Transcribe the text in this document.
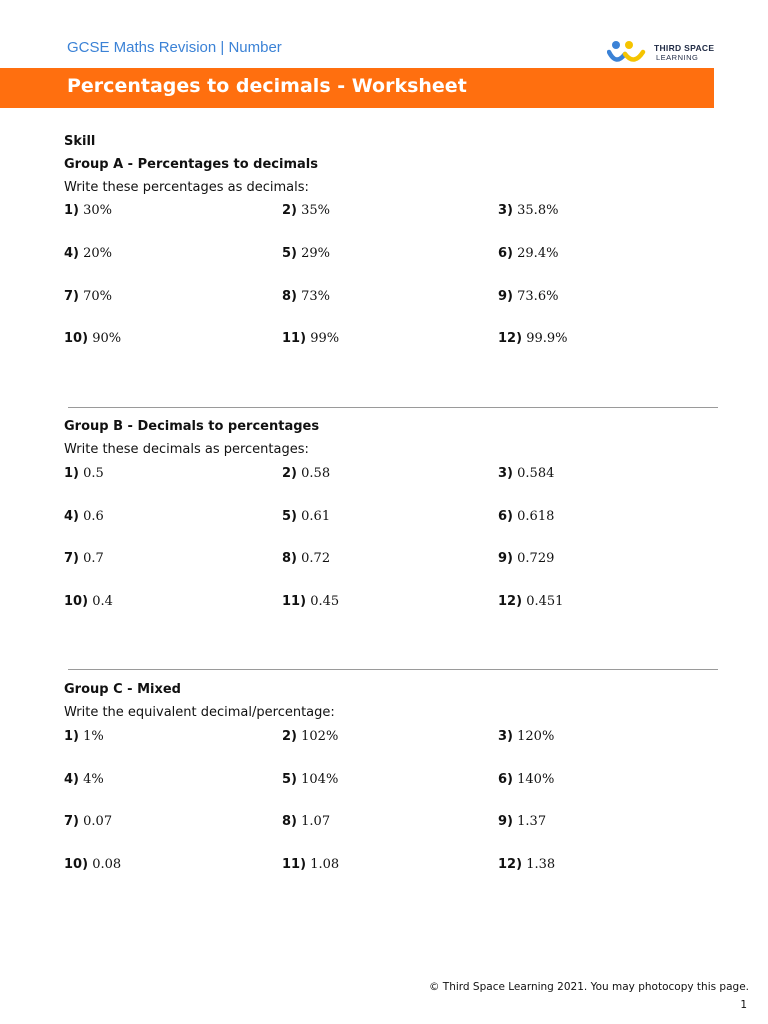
GCSE Maths Revision | Number	THIRD SPACE
LEARNING
Percentages to decimals - Worksheet
Skill
Group A - Percentages to decimals
Write these percentages as decimals:
1) 30%	2) 35%	3) 35.8%
4) 20%	5) 29%	6) 29.4%
7) 70%	8) 73%	9) 73.6%
10) 90%	11) 99%	12) 99.9%
Group B - Decimals to percentages
Write these decimals as percentages:
1) 0.5	2) 0.58	3) 0.584
4) 0.6	5) 0.61	6) 0.618
7) 0.7	8) 0.72	9) 0.729
10) 0.4	11) 0.45	12) 0.451
Group C - Mixed
Write the equivalent decimal/percentage:
1) 1%	2) 102%	3) 120%
4) 4%	5) 104%	6) 140%
7) 0.07	8) 1.07	9) 1.37
10) 0.08	11) 1.08	12) 1.38
© Third Space Learning 2021. You may photocopy this page.
1
